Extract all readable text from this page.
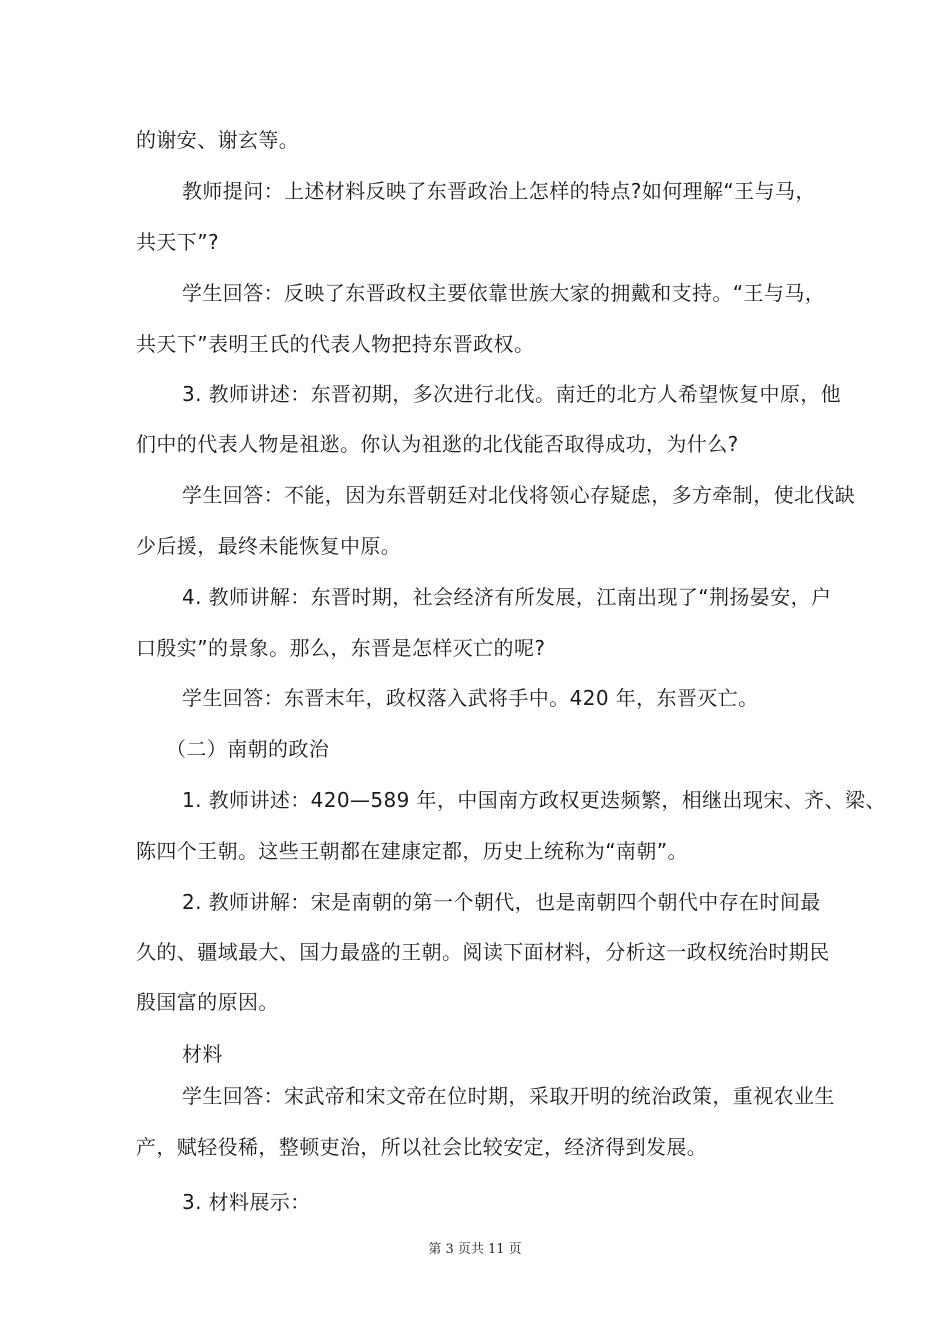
的谢安、谢玄等。
教师提问：上述材料反映了东晋政治上怎样的特点?如何理解“王与马，
共天下”?
学生回答：反映了东晋政权主要依靠世族大家的拥戴和支持。“王与马，
共天下”表明王氏的代表人物把持东晋政权。
3. 教师讲述：东晋初期，多次进行北伐。南迁的北方人希望恢复中原，他
们中的代表人物是祖逖。你认为祖逖的北伐能否取得成功，为什么?
学生回答：不能，因为东晋朝廷对北伐将领心存疑虑，多方牵制，使北伐缺
少后援，最终未能恢复中原。
4. 教师讲解：东晋时期，社会经济有所发展，江南出现了“荆扬晏安，户
口殷实”的景象。那么，东晋是怎样灭亡的呢?
学生回答：东晋末年，政权落入武将手中。420 年，东晋灭亡。
（二）南朝的政治
1. 教师讲述：420—589 年，中国南方政权更迭频繁，相继出现宋、齐、梁、
陈四个王朝。这些王朝都在建康定都，历史上统称为“南朝”。
2. 教师讲解：宋是南朝的第一个朝代，也是南朝四个朝代中存在时间最
久的、疆域最大、国力最盛的王朝。阅读下面材料，分析这一政权统治时期民
殷国富的原因。
材料
学生回答：宋武帝和宋文帝在位时期，采取开明的统治政策，重视农业生
产，赋轻役稀，整顿吏治，所以社会比较安定，经济得到发展。
3. 材料展示：
第 3 页共 11 页
